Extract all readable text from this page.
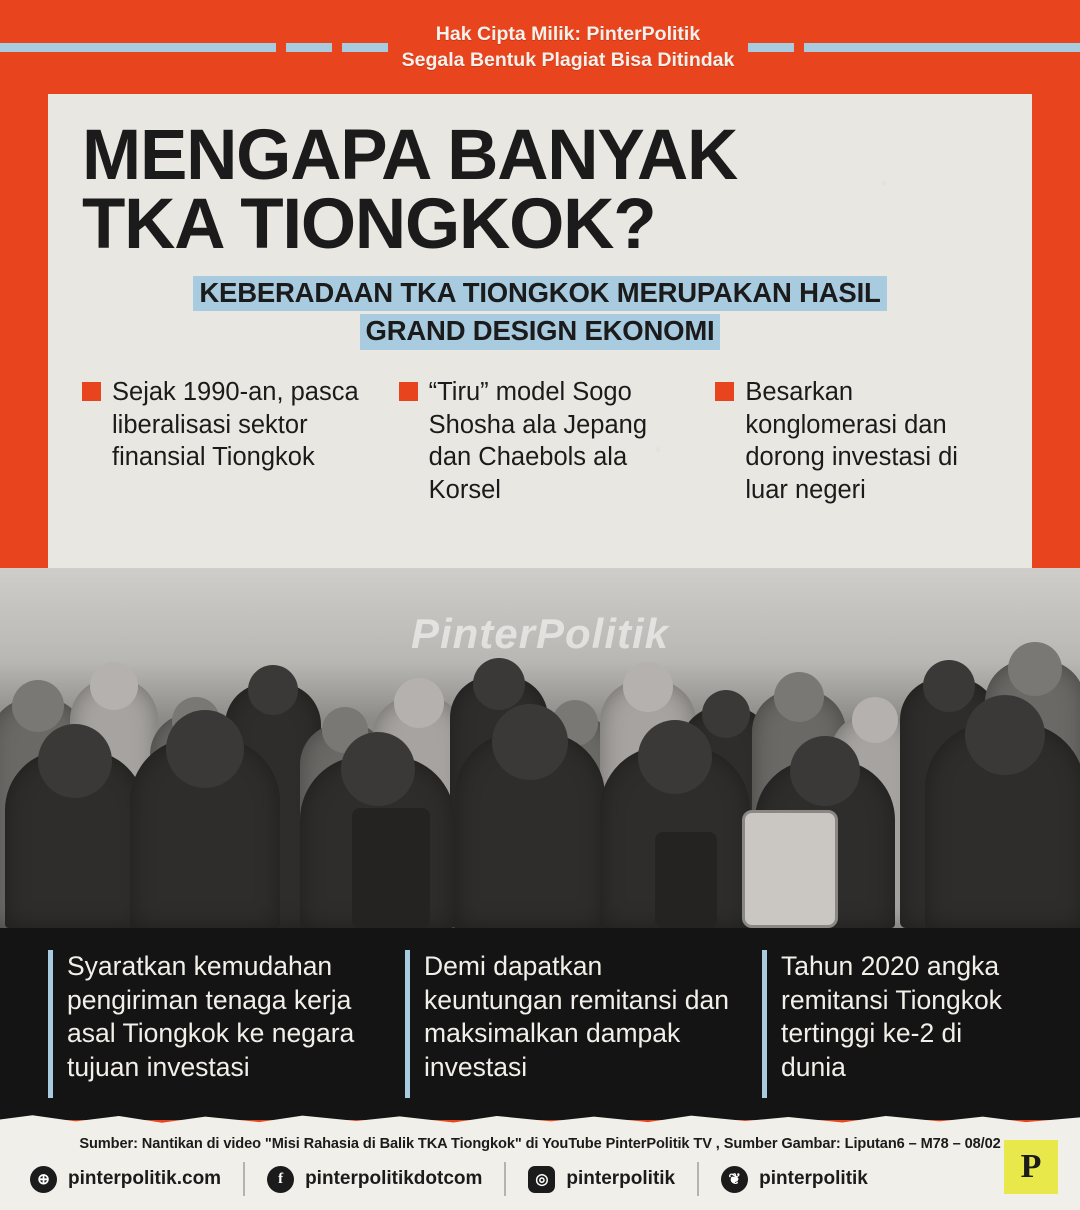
Hak Cipta Milik: PinterPolitik
Segala Bentuk Plagiat Bisa Ditindak
MENGAPA BANYAK
TKA TIONGKOK?
KEBERADAAN TKA TIONGKOK MERUPAKAN HASIL GRAND DESIGN EKONOMI

Sejak 1990-an, pasca liberalisasi sektor finansial Tiongkok

“Tiru” model Sogo Shosha ala Jepang dan Chaebols ala Korsel

Besarkan konglomerasi dan dorong investasi di luar negeri

PinterPolitik

Syaratkan kemudahan pengiriman tenaga kerja asal Tiongkok ke negara tujuan investasi

Demi dapatkan keuntungan remitansi dan maksimalkan dampak investasi

Tahun 2020 angka remitansi Tiongkok tertinggi ke-2 di dunia

Sumber: Nantikan di video "Misi Rahasia di Balik TKA Tiongkok" di YouTube PinterPolitik TV , Sumber Gambar: Liputan6 – M78 – 08/02
⊕ pinterpolitik.com	f	pinterpolitikdotcom	◎ pinterpolitik	❦ pinterpolitik	P
